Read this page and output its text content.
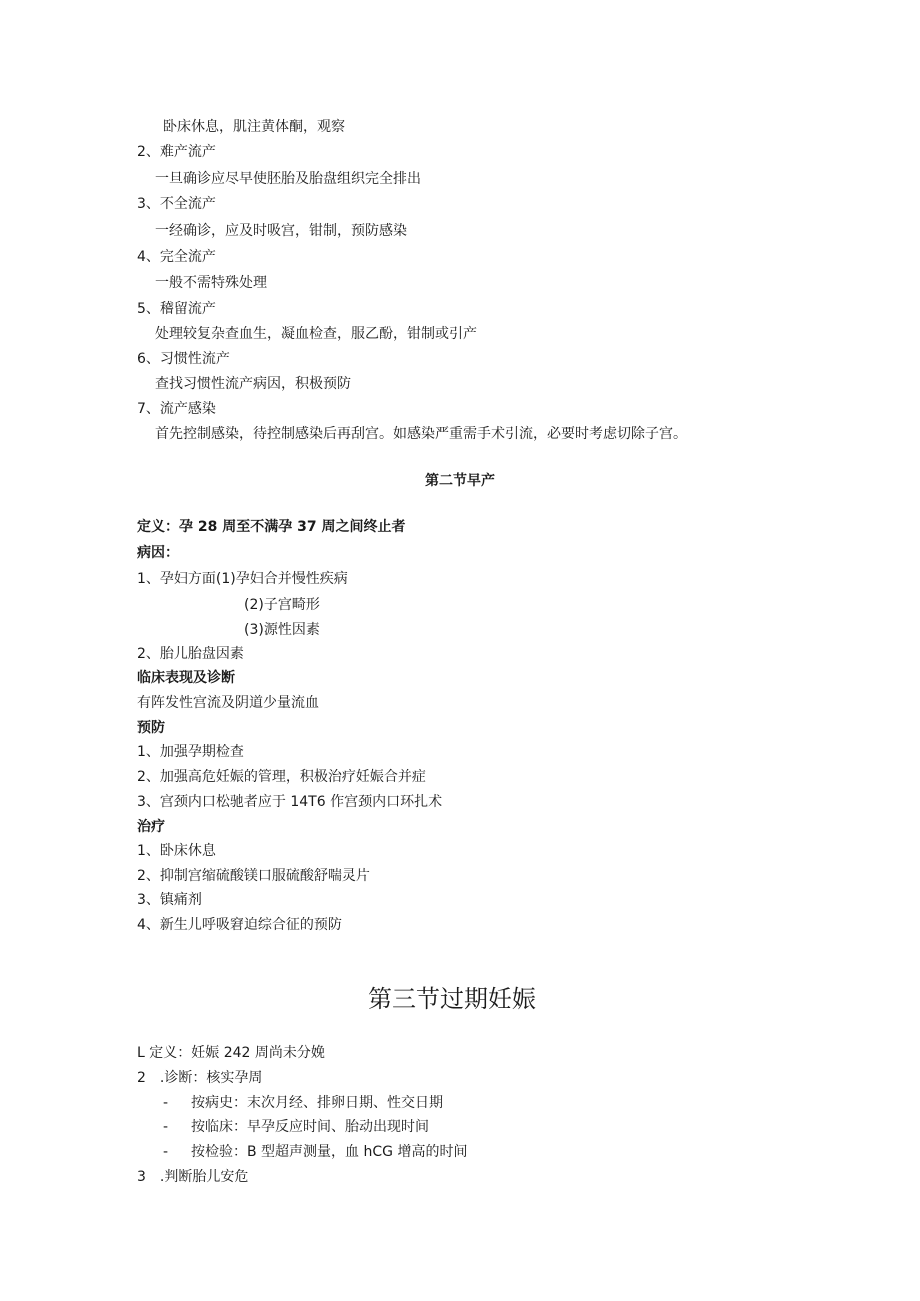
卧床休息，肌注黄体酮，观察
2、难产流产
一旦确诊应尽早使胚胎及胎盘组织完全排出
3、不全流产
一经确诊，应及时吸宫，钳制，预防感染
4、完全流产
一般不需特殊处理
5、稽留流产
处理较复杂查血生，凝血检查，服乙酚，钳制或引产
6、习惯性流产
查找习惯性流产病因，积极预防
7、流产感染
首先控制感染，待控制感染后再刮宫。如感染严重需手术引流，必要时考虑切除子宫。
第二节早产
定义：孕 28 周至不满孕 37 周之间终止者
病因：
1、孕妇方面(1)孕妇合并慢性疾病
(2)子宫畸形
(3)源性因素
2、胎儿胎盘因素
临床表现及诊断
有阵发性宫流及阴道少量流血
预防
1、加强孕期检查
2、加强高危妊娠的管理，积极治疗妊娠合并症
3、宫颈内口松驰者应于 14T6 作宫颈内口环扎术
治疗
1、卧床休息
2、抑制宫缩硫酸镁口服硫酸舒喘灵片
3、镇痛剂
4、新生儿呼吸窘迫综合征的预防
第三节过期妊娠
L 定义：妊娠 242 周尚未分娩
2　.诊断：核实孕周
- 按病史：末次月经、排卵日期、性交日期
- 按临床：早孕反应时间、胎动出现时间
- 按检验：B 型超声测量，血 hCG 增高的时间
3　.判断胎儿安危
